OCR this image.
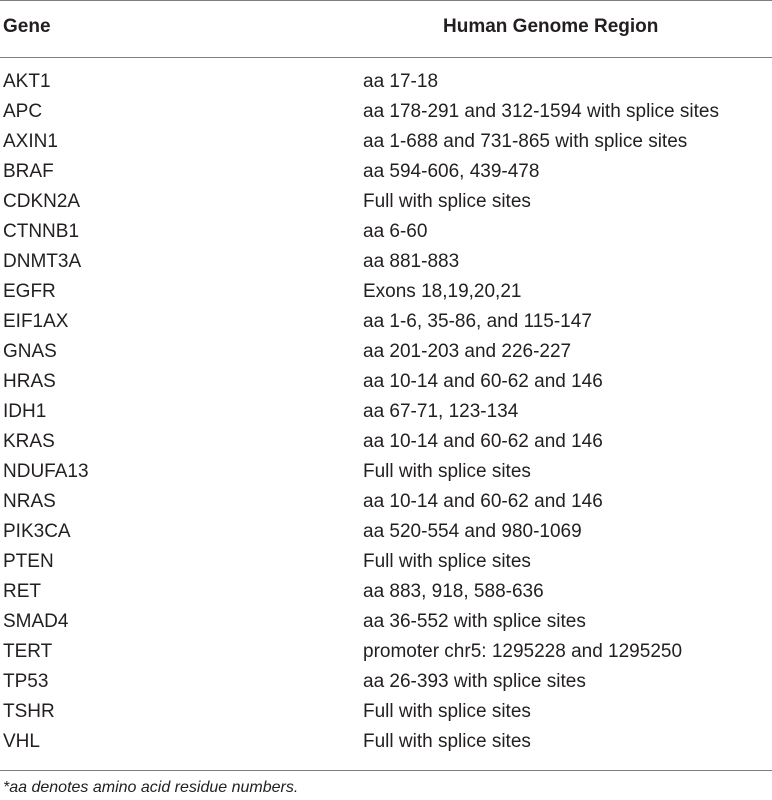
Gene	Human Genome Region
AKT1	aa 17-18
APC	aa 178-291 and 312-1594 with splice sites
AXIN1	aa 1-688 and 731-865 with splice sites
BRAF	aa 594-606, 439-478
CDKN2A	Full with splice sites
CTNNB1	aa 6-60
DNMT3A	aa 881-883
EGFR	Exons 18,19,20,21
EIF1AX	aa 1-6, 35-86, and 115-147
GNAS	aa 201-203 and 226-227
HRAS	aa 10-14 and 60-62 and 146
IDH1	aa 67-71, 123-134
KRAS	aa 10-14 and 60-62 and 146
NDUFA13	Full with splice sites
NRAS	aa 10-14 and 60-62 and 146
PIK3CA	aa 520-554 and 980-1069
PTEN	Full with splice sites
RET	aa 883, 918, 588-636
SMAD4	aa 36-552 with splice sites
TERT	promoter chr5: 1295228 and 1295250
TP53	aa 26-393 with splice sites
TSHR	Full with splice sites
VHL	Full with splice sites
*aa denotes amino acid residue numbers.
